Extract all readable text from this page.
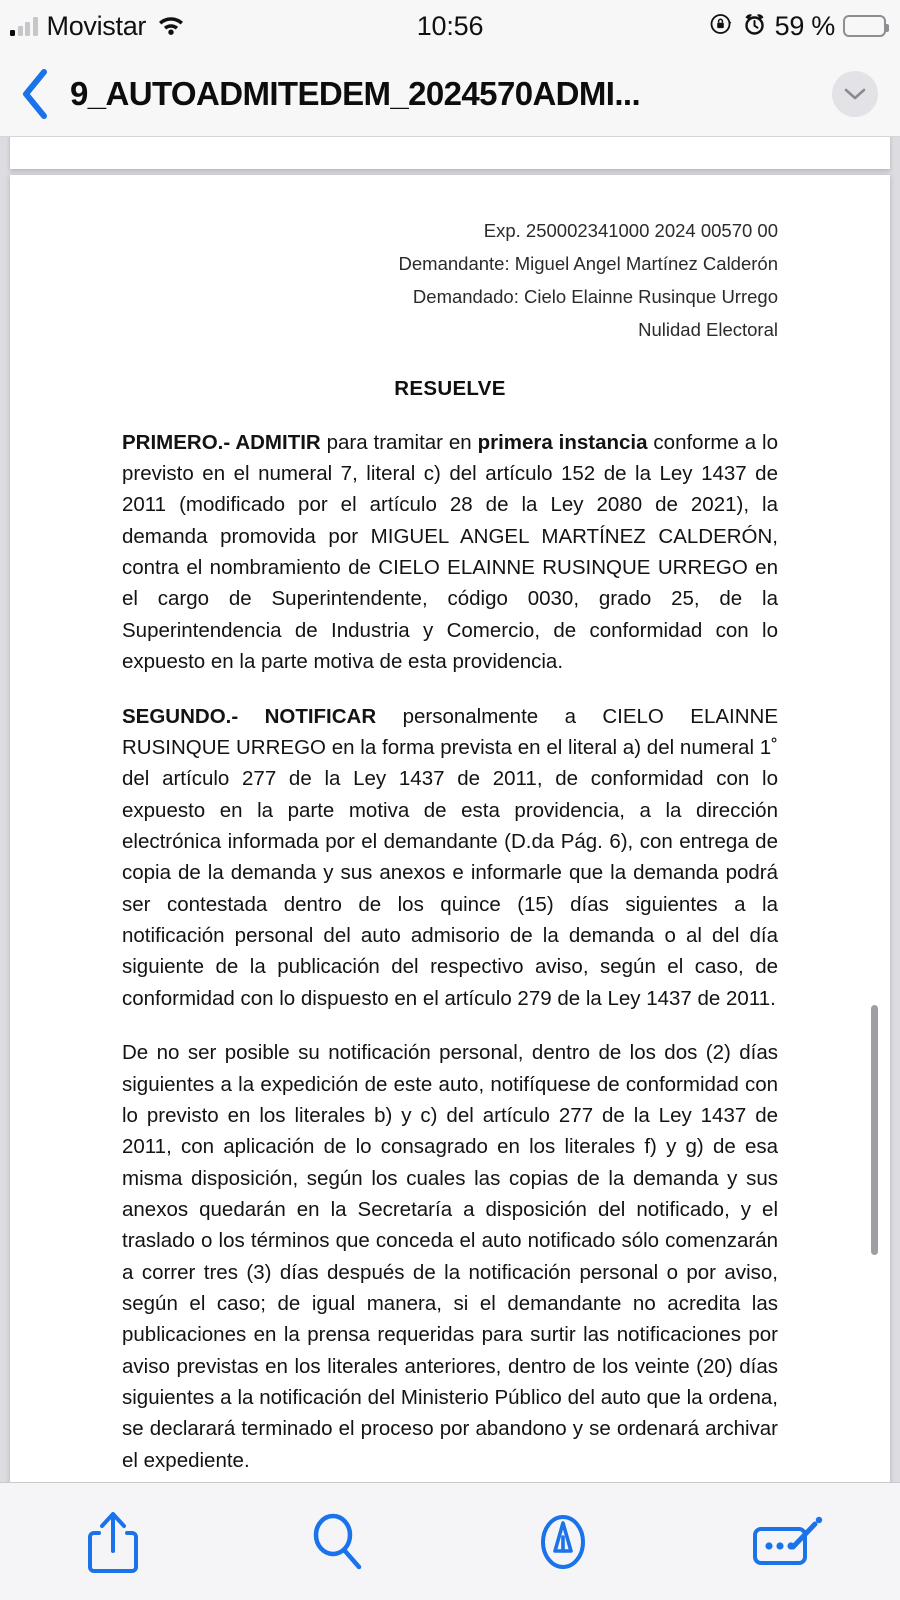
Movistar	10:56	59 %
9_AUTOADMITEDEM_2024570ADMI...
Exp. 250002341000 2024 00570 00
Demandante: Miguel Angel Martínez Calderón
Demandado: Cielo Elainne Rusinque Urrego
Nulidad Electoral
RESUELVE

PRIMERO.- ADMITIR para tramitar en primera instancia conforme a lo previsto en el numeral 7, literal c) del artículo 152 de la Ley 1437 de 2011 (modificado por el artículo 28 de la Ley 2080 de 2021), la demanda promovida por MIGUEL ANGEL MARTÍNEZ CALDERÓN, contra el nombramiento de CIELO ELAINNE RUSINQUE URREGO en el cargo de Superintendente, código 0030, grado 25, de la Superintendencia de Industria y Comercio, de conformidad con lo expuesto en la parte motiva de esta providencia.

SEGUNDO.- NOTIFICAR personalmente a CIELO ELAINNE RUSINQUE URREGO en la forma prevista en el literal a) del numeral 1˚ del artículo 277 de la Ley 1437 de 2011, de conformidad con lo expuesto en la parte motiva de esta providencia, a la dirección electrónica informada por el demandante (D.da Pág. 6), con entrega de copia de la demanda y sus anexos e informarle que la demanda podrá ser contestada dentro de los quince (15) días siguientes a la notificación personal del auto admisorio de la demanda o al del día siguiente de la publicación del respectivo aviso, según el caso, de conformidad con lo dispuesto en el artículo 279 de la Ley 1437 de 2011.

De no ser posible su notificación personal, dentro de los dos (2) días siguientes a la expedición de este auto, notifíquese de conformidad con lo previsto en los literales b) y c) del artículo 277 de la Ley 1437 de 2011, con aplicación de lo consagrado en los literales f) y g) de esa misma disposición, según los cuales las copias de la demanda y sus anexos quedarán en la Secretaría a disposición del notificado, y el traslado o los términos que conceda el auto notificado sólo comenzarán a correr tres (3) días después de la notificación personal o por aviso, según el caso; de igual manera, si el demandante no acredita las publicaciones en la prensa requeridas para surtir las notificaciones por aviso previstas en los literales anteriores, dentro de los veinte (20) días siguientes a la notificación del Ministerio Público del auto que la ordena, se declarará terminado el proceso por abandono y se ordenará archivar el expediente.
